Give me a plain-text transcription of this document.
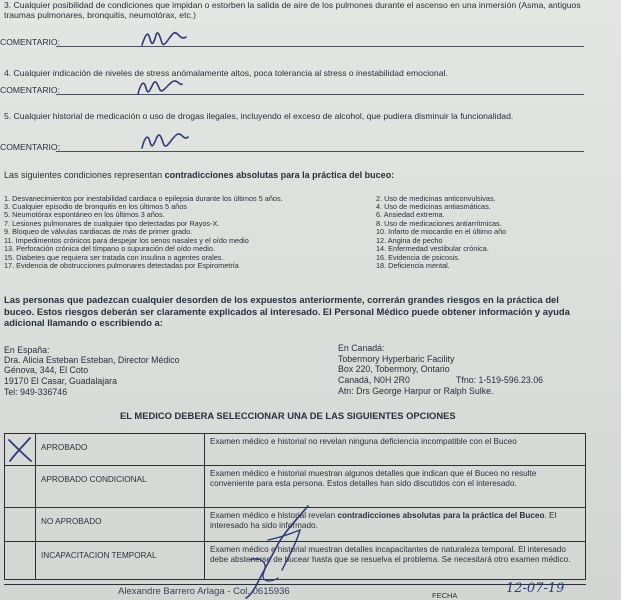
3. Cualquier posibilidad de condiciones que impidan o estorben la salida de aire de los pulmones durante el ascenso en una inmersión (Asma, antiguos traumas pulmonares, bronquitis, neumotórax, etc.)
COMENTARIO:
4. Cualquier indicación de niveles de stress anómalamente altos, poca tolerancia al stress o inestabilidad emocional.
COMENTARIO:
5. Cualquier historial de medicación o uso de drogas ilegales, incluyendo el exceso de alcohol, que pudiera disminuir la funcionalidad.
COMENTARIO:
Las siguientes condiciones representan contradicciones absolutas para la práctica del buceo:
1. Desvanecimientos por inestabilidad cardiaca o epilepsia durante los últimos 5 años.
3. Cualquier episodio de bronquitis en los últimos 5 años
5. Neumotórax espontáneo en los últimos 3 años.
7. Lesiones pulmonares de cualquier tipo detectadas por Rayos-X.
9. Bloqueo de válvulas cardiacas de más de primer grado.
11. Impedimentos crónicos para despejar los senos nasales y el oído medio
13. Perforación crónica del tímpano o supuración del oído medio.
15. Diabetes que requiera ser tratada con insulina o agentes orales.
17. Evidencia de obstrucciones pulmonares detectadas por Espirometría
2. Uso de medicinas anticonvulsivas.
4. Uso de medicinas antiasmáticas.
6. Ansiedad extrema.
8. Uso de medicaciones antiarrítmicas.
10. Infarto de miocardio en el último año
12. Angina de pecho
14. Enfermedad vestibular crónica.
16. Evidencia de psicosis.
18. Deficiencia mental.
Las personas que padezcan cualquier desorden de los expuestos anteriormente, correrán grandes riesgos en la práctica del buceo. Estos riesgos deberán ser claramente explicados al interesado. El Personal Médico puede obtener información y ayuda adicional llamando o escribiendo a:
En España:
Dra. Alicia Esteban Esteban, Director Médico
Génova, 344, El Coto
19170 El Casar, Guadalajara
Tel: 949-336746
En Canadá:
Tobermory Hyperbaric Facility
Box 220, Tobermory, Ontario
Canadá, N0H 2R0	Tfno: 1-519-596.23.06
Atn: Drs George Harpur or Ralph Sulke.
EL MEDICO DEBERA SELECCIONAR UNA DE LAS SIGUIENTES OPCIONES
	APROBADO	Examen médico e historial no revelan ninguna deficiencia incompatible con el Buceo
	APROBADO CONDICIONAL	Examen médico e historial muestran algunos detalles que indican que el Buceo no resulte conveniente para esta persona. Estos detalles han sido discutidos con el interesado.
	NO APROBADO	Examen médico e historial revelan contradicciones absolutas para la práctica del Buceo. El interesado ha sido informado.
	INCAPACITACION TEMPORAL	Examen médico e historial muestran detalles incapacitantes de naturaleza temporal. El interesado debe abstenerse de bucear hasta que se resuelva el problema. Se necesitará otro examen médico.
Alexandre Barrero Arlaga - Col. 0615936	FECHA	12-07-19
